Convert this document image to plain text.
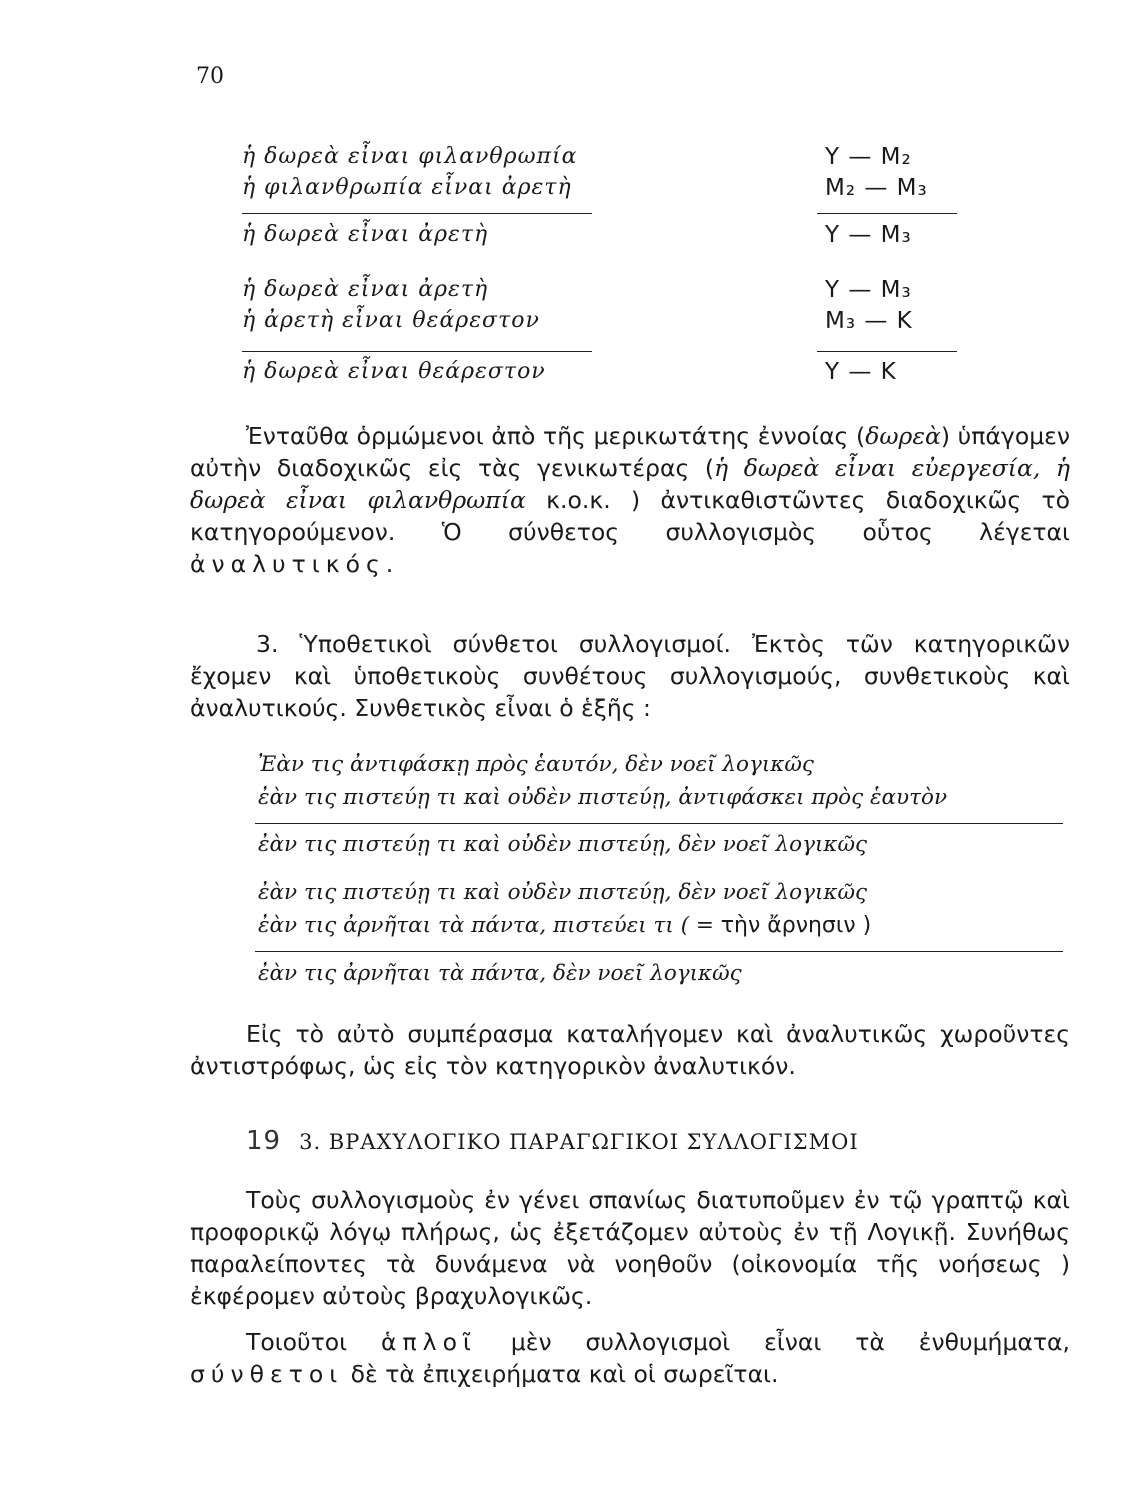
70
ἡ δωρεὰ εἶναι φιλανθρωπία	Υ — Μ₂
ἡ φιλανθρωπία εἶναι ἀρετὴ	Μ₂ — Μ₃
ἡ δωρεὰ εἶναι ἀρετὴ	Υ — Μ₃
ἡ δωρεὰ εἶναι ἀρετὴ	Υ — Μ₃
ἡ ἀρετὴ εἶναι θεάρεστον	Μ₃ — Κ
ἡ δωρεὰ εἶναι θεάρεστον	Υ — Κ

Ἐνταῦθα ὁρμώμενοι ἀπὸ τῆς μερικωτάτης ἐννοίας (δωρεὰ) ὑπάγομεν αὐτὴν διαδοχικῶς εἰς τὰς γενικωτέρας (ἡ δωρεὰ εἶναι εὐεργεσία, ἡ δωρεὰ εἶναι φιλανθρωπία κ.ο.κ. ) ἀντικαθιστῶντες διαδοχικῶς τὸ κατηγορούμενον. Ὁ σύνθετος συλλογισμὸς οὗτος λέγεται ἀναλυτικός.

3. Ὑποθετικοὶ σύνθετοι συλλογισμοί. Ἐκτὸς τῶν κατηγορικῶν ἔχομεν καὶ ὑποθετικοὺς συνθέτους συλλογισμούς, συνθετικοὺς καὶ ἀναλυτικούς. Συνθετικὸς εἶναι ὁ ἑξῆς :

Ἐὰν τις ἀντιφάσκῃ πρὸς ἑαυτόν, δὲν νοεῖ λογικῶς
ἐὰν τις πιστεύῃ τι καὶ οὐδὲν πιστεύῃ, ἀντιφάσκει πρὸς ἑαυτὸν
ἐὰν τις πιστεύῃ τι καὶ οὐδὲν πιστεύῃ, δὲν νοεῖ λογικῶς
ἐὰν τις πιστεύῃ τι καὶ οὐδὲν πιστεύῃ, δὲν νοεῖ λογικῶς
ἐὰν τις ἀρνῆται τὰ πάντα, πιστεύει τι ( = τὴν ἄρνησιν )
ἐὰν τις ἀρνῆται τὰ πάντα, δὲν νοεῖ λογικῶς

Εἰς τὸ αὐτὸ συμπέρασμα καταλήγομεν καὶ ἀναλυτικῶς χωροῦντες ἀντιστρόφως, ὡς εἰς τὸν κατηγορικὸν ἀναλυτικόν.

19 3. ΒΡΑΧΥΛΟΓΙΚΟ ΠΑΡΑΓΩΓΙΚΟΙ ΣΥΛΛΟΓΙΣΜΟΙ

Τοὺς συλλογισμοὺς ἐν γένει σπανίως διατυποῦμεν ἐν τῷ γραπτῷ καὶ προφορικῷ λόγῳ πλήρως, ὡς ἐξετάζομεν αὐτοὺς ἐν τῇ Λογικῇ. Συνήθως παραλείποντες τὰ δυνάμενα νὰ νοηθοῦν (οἰκονομία τῆς νοήσεως ) ἐκφέρομεν αὐτοὺς βραχυλογικῶς.

Τοιοῦτοι ἁπλοῖ μὲν συλλογισμοὶ εἶναι τὰ ἐνθυμήματα, σύνθετοι δὲ τὰ ἐπιχειρήματα καὶ οἱ σωρεῖται.
